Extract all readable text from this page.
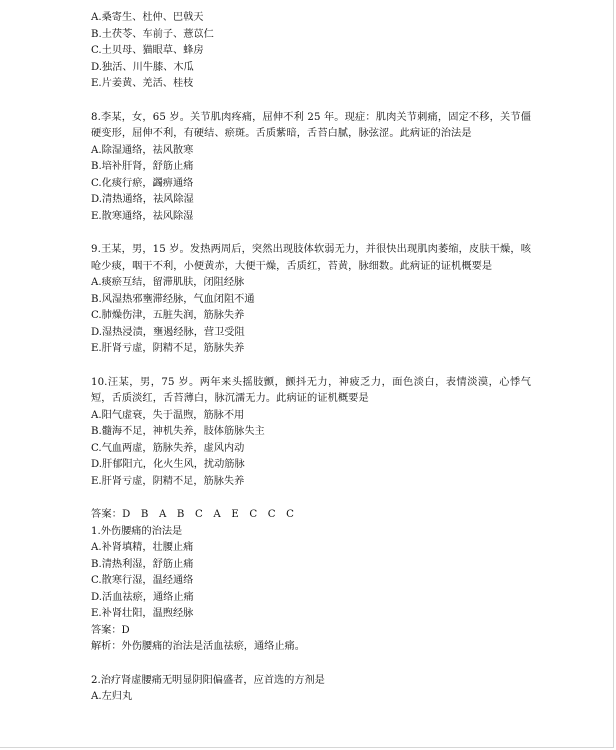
A.桑寄生、杜仲、巴戟天
B.土茯苓、车前子、薏苡仁
C.土贝母、猫眼草、蜂房
D.独活、川牛膝、木瓜
E.片姜黄、羌活、桂枝
8.李某，女，65 岁。关节肌肉疼痛，屈伸不利 25 年。现症：肌肉关节刺痛，固定不移，关节僵硬变形，屈伸不利，有硬结、瘀斑。舌质紫暗，舌苔白腻，脉弦涩。此病证的治法是
A.除湿通络，祛风散寒
B.培补肝肾，舒筋止痛
C.化痰行瘀，蠲痹通络
D.清热通络，祛风除湿
E.散寒通络，祛风除湿
9.王某，男，15 岁。发热两周后，突然出现肢体软弱无力，并很快出现肌肉萎缩，皮肤干燥，咳呛少痰，咽干不利，小便黄赤，大便干燥，舌质红，苔黄，脉细数。此病证的证机概要是
A.痰瘀互结，留滞肌肤，闭阻经脉
B.风湿热邪壅滞经脉，气血闭阻不通
C.肺燥伤津，五脏失润，筋脉失养
D.湿热浸渍，壅遏经脉，营卫受阻
E.肝肾亏虚，阴精不足，筋脉失养
10.汪某，男，75 岁。两年来头摇肢颤，颤抖无力，神疲乏力，面色淡白，表情淡漠，心悸气短，舌质淡红，舌苔薄白，脉沉濡无力。此病证的证机概要是
A.阳气虚衰，失于温煦，筋脉不用
B.髓海不足，神机失养，肢体筋脉失主
C.气血两虚，筋脉失养，虚风内动
D.肝郁阳亢，化火生风，扰动筋脉
E.肝肾亏虚，阴精不足，筋脉失养
答案：D　B　A　B　C　A　E　C　C　C
1.外伤腰痛的治法是
A.补肾填精，壮腰止痛
B.清热利湿，舒筋止痛
C.散寒行湿，温经通络
D.活血祛瘀，通络止痛
E.补肾壮阳，温煦经脉
答案：D
解析：外伤腰痛的治法是活血祛瘀，通络止痛。
2.治疗肾虚腰痛无明显阴阳偏盛者，应首选的方剂是
A.左归丸
